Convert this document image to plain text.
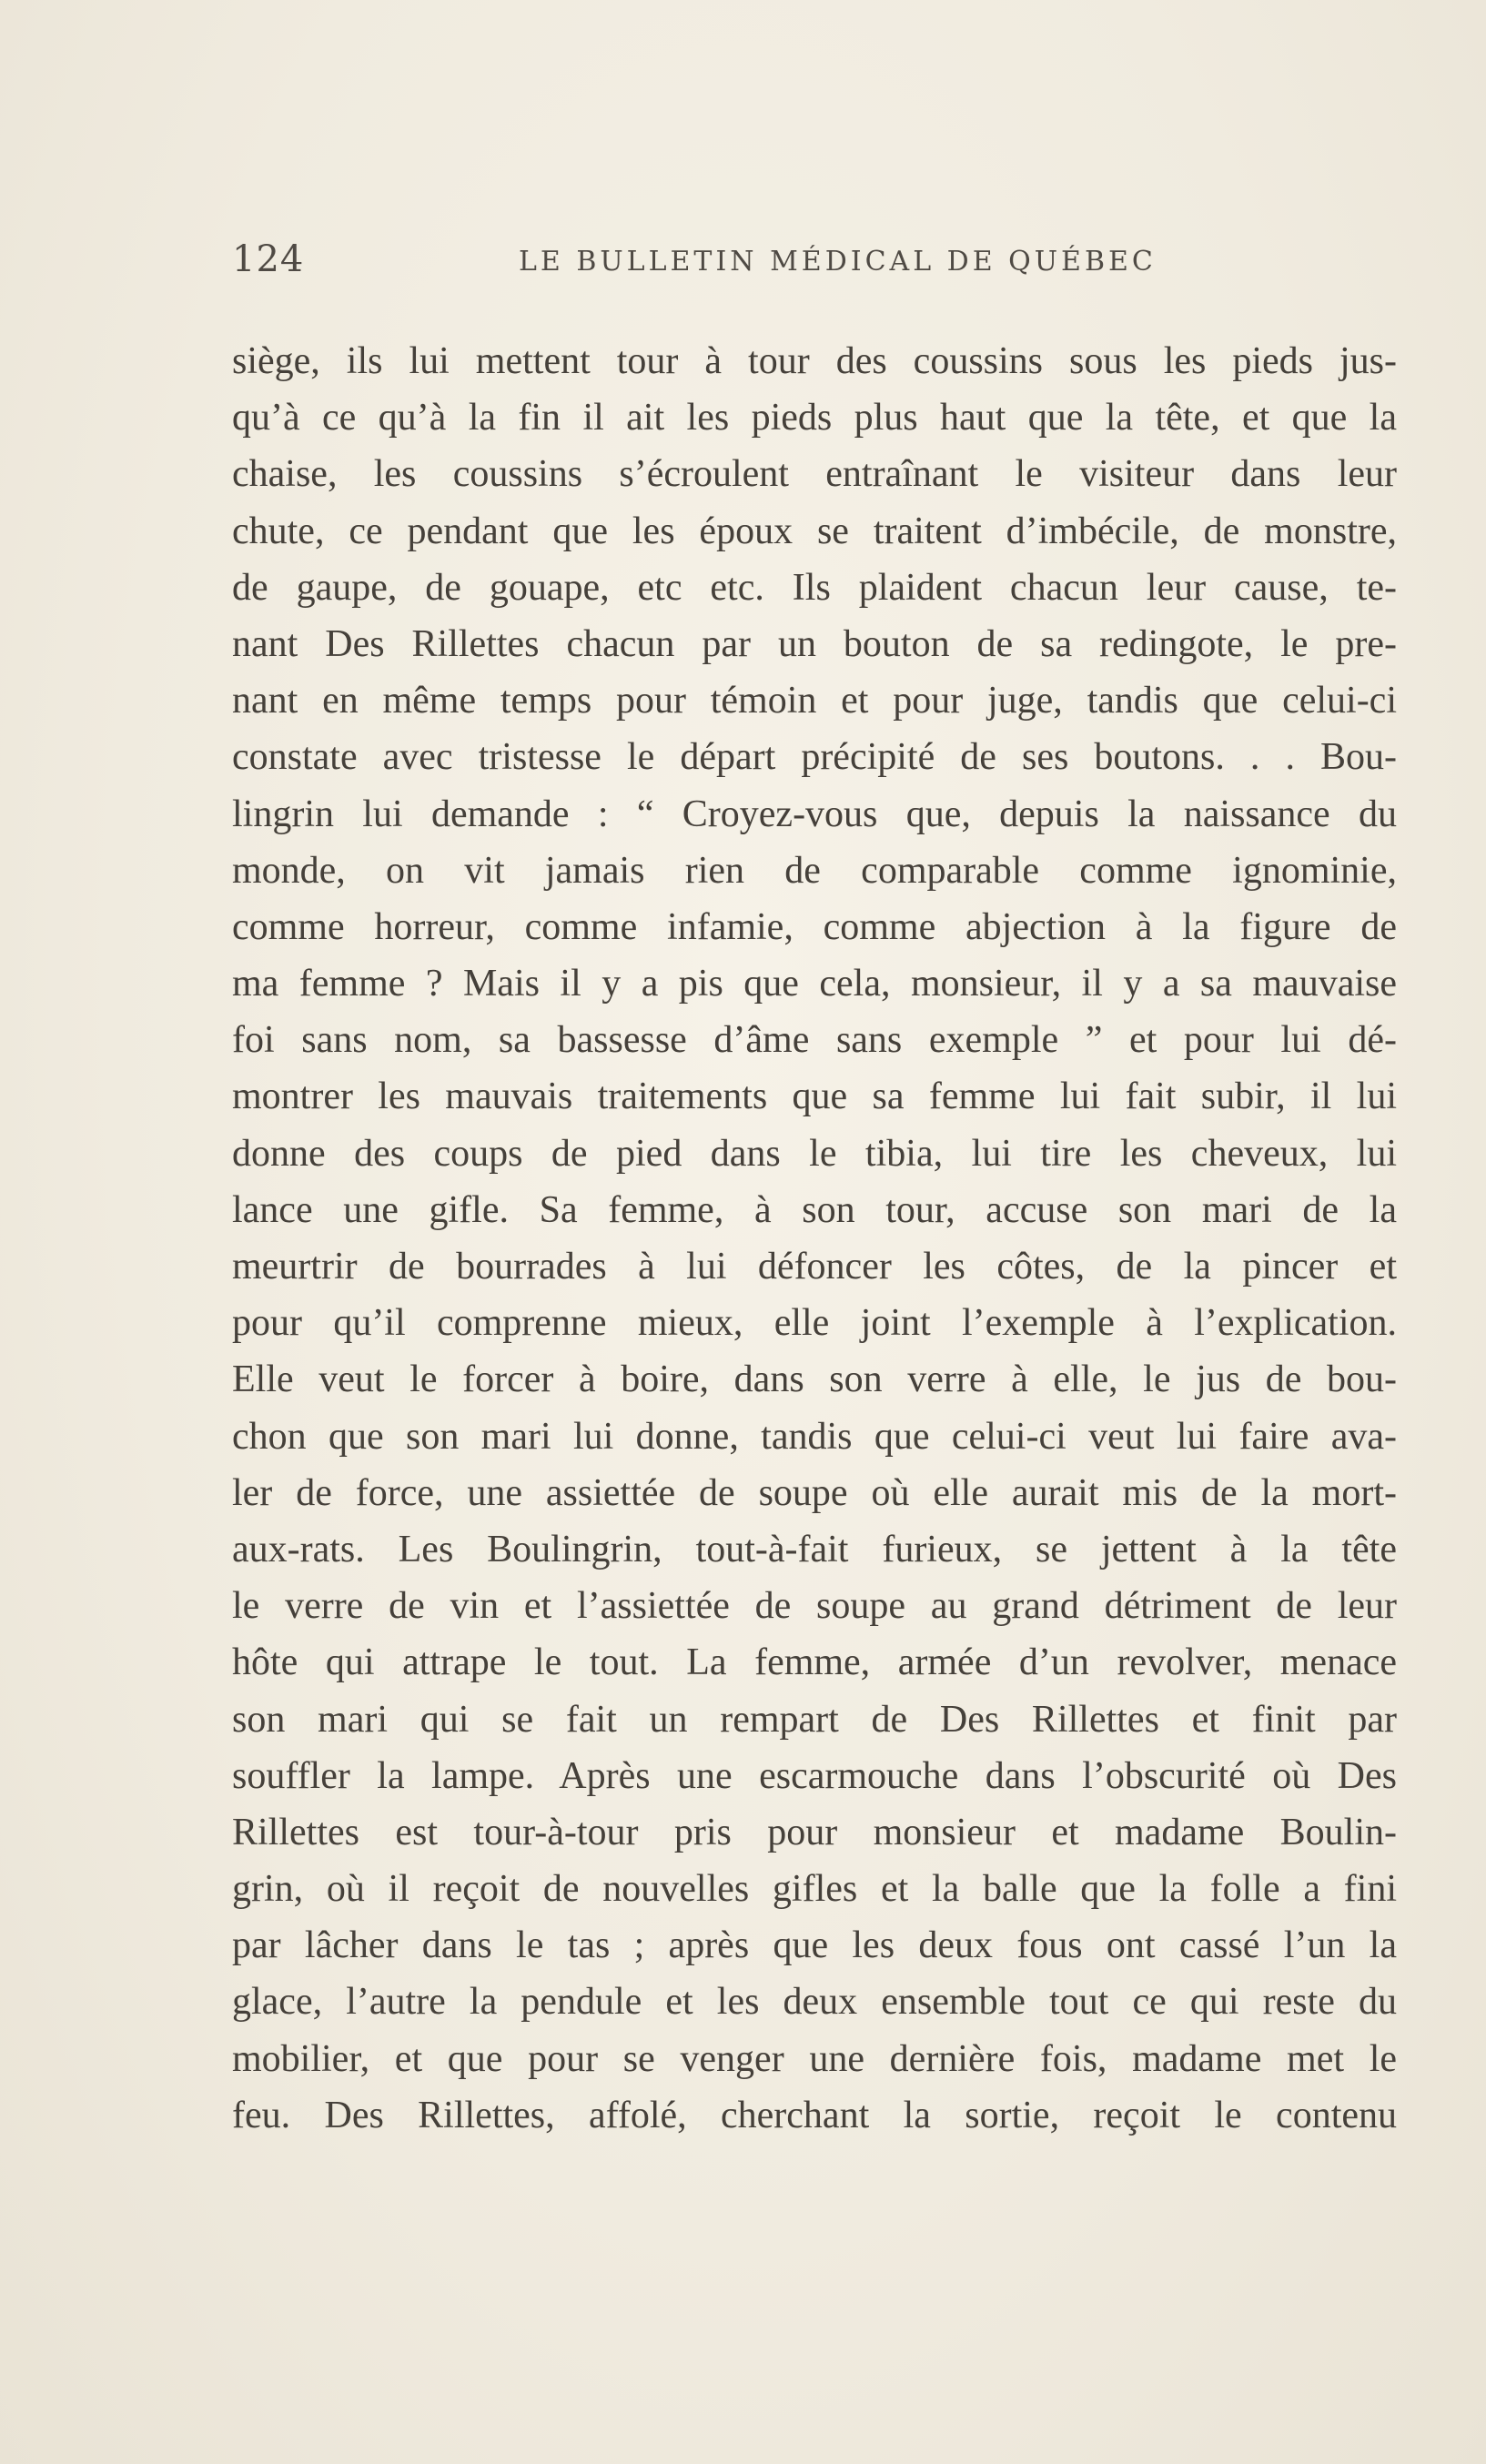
124	LE BULLETIN MÉDICAL DE QUÉBEC
siège, ils lui mettent tour à tour des coussins sous les pieds jus-
qu’à ce qu’à la fin il ait les pieds plus haut que la tête, et que la
chaise, les coussins s’écroulent entraînant le visiteur dans leur
chute, ce pendant que les époux se traitent d’imbécile, de monstre,
de gaupe, de gouape, etc etc. Ils plaident chacun leur cause, te-
nant Des Rillettes chacun par un bouton de sa redingote, le pre-
nant en même temps pour témoin et pour juge, tandis que celui-ci
constate avec tristesse le départ précipité de ses boutons. . . Bou-
lingrin lui demande : “ Croyez-vous que, depuis la naissance du
monde, on vit jamais rien de comparable comme ignominie,
comme horreur, comme infamie, comme abjection à la figure de
ma femme ? Mais il y a pis que cela, monsieur, il y a sa mauvaise
foi sans nom, sa bassesse d’âme sans exemple ” et pour lui dé-
montrer les mauvais traitements que sa femme lui fait subir, il lui
donne des coups de pied dans le tibia, lui tire les cheveux, lui
lance une gifle. Sa femme, à son tour, accuse son mari de la
meurtrir de bourrades à lui défoncer les côtes, de la pincer et
pour qu’il comprenne mieux, elle joint l’exemple à l’explication.
Elle veut le forcer à boire, dans son verre à elle, le jus de bou-
chon que son mari lui donne, tandis que celui-ci veut lui faire ava-
ler de force, une assiettée de soupe où elle aurait mis de la mort-
aux-rats. Les Boulingrin, tout-à-fait furieux, se jettent à la tête
le verre de vin et l’assiettée de soupe au grand détriment de leur
hôte qui attrape le tout. La femme, armée d’un revolver, menace
son mari qui se fait un rempart de Des Rillettes et finit par
souffler la lampe. Après une escarmouche dans l’obscurité où Des
Rillettes est tour-à-tour pris pour monsieur et madame Boulin-
grin, où il reçoit de nouvelles gifles et la balle que la folle a fini
par lâcher dans le tas ; après que les deux fous ont cassé l’un la
glace, l’autre la pendule et les deux ensemble tout ce qui reste du
mobilier, et que pour se venger une dernière fois, madame met le
feu. Des Rillettes, affolé, cherchant la sortie, reçoit le contenu
